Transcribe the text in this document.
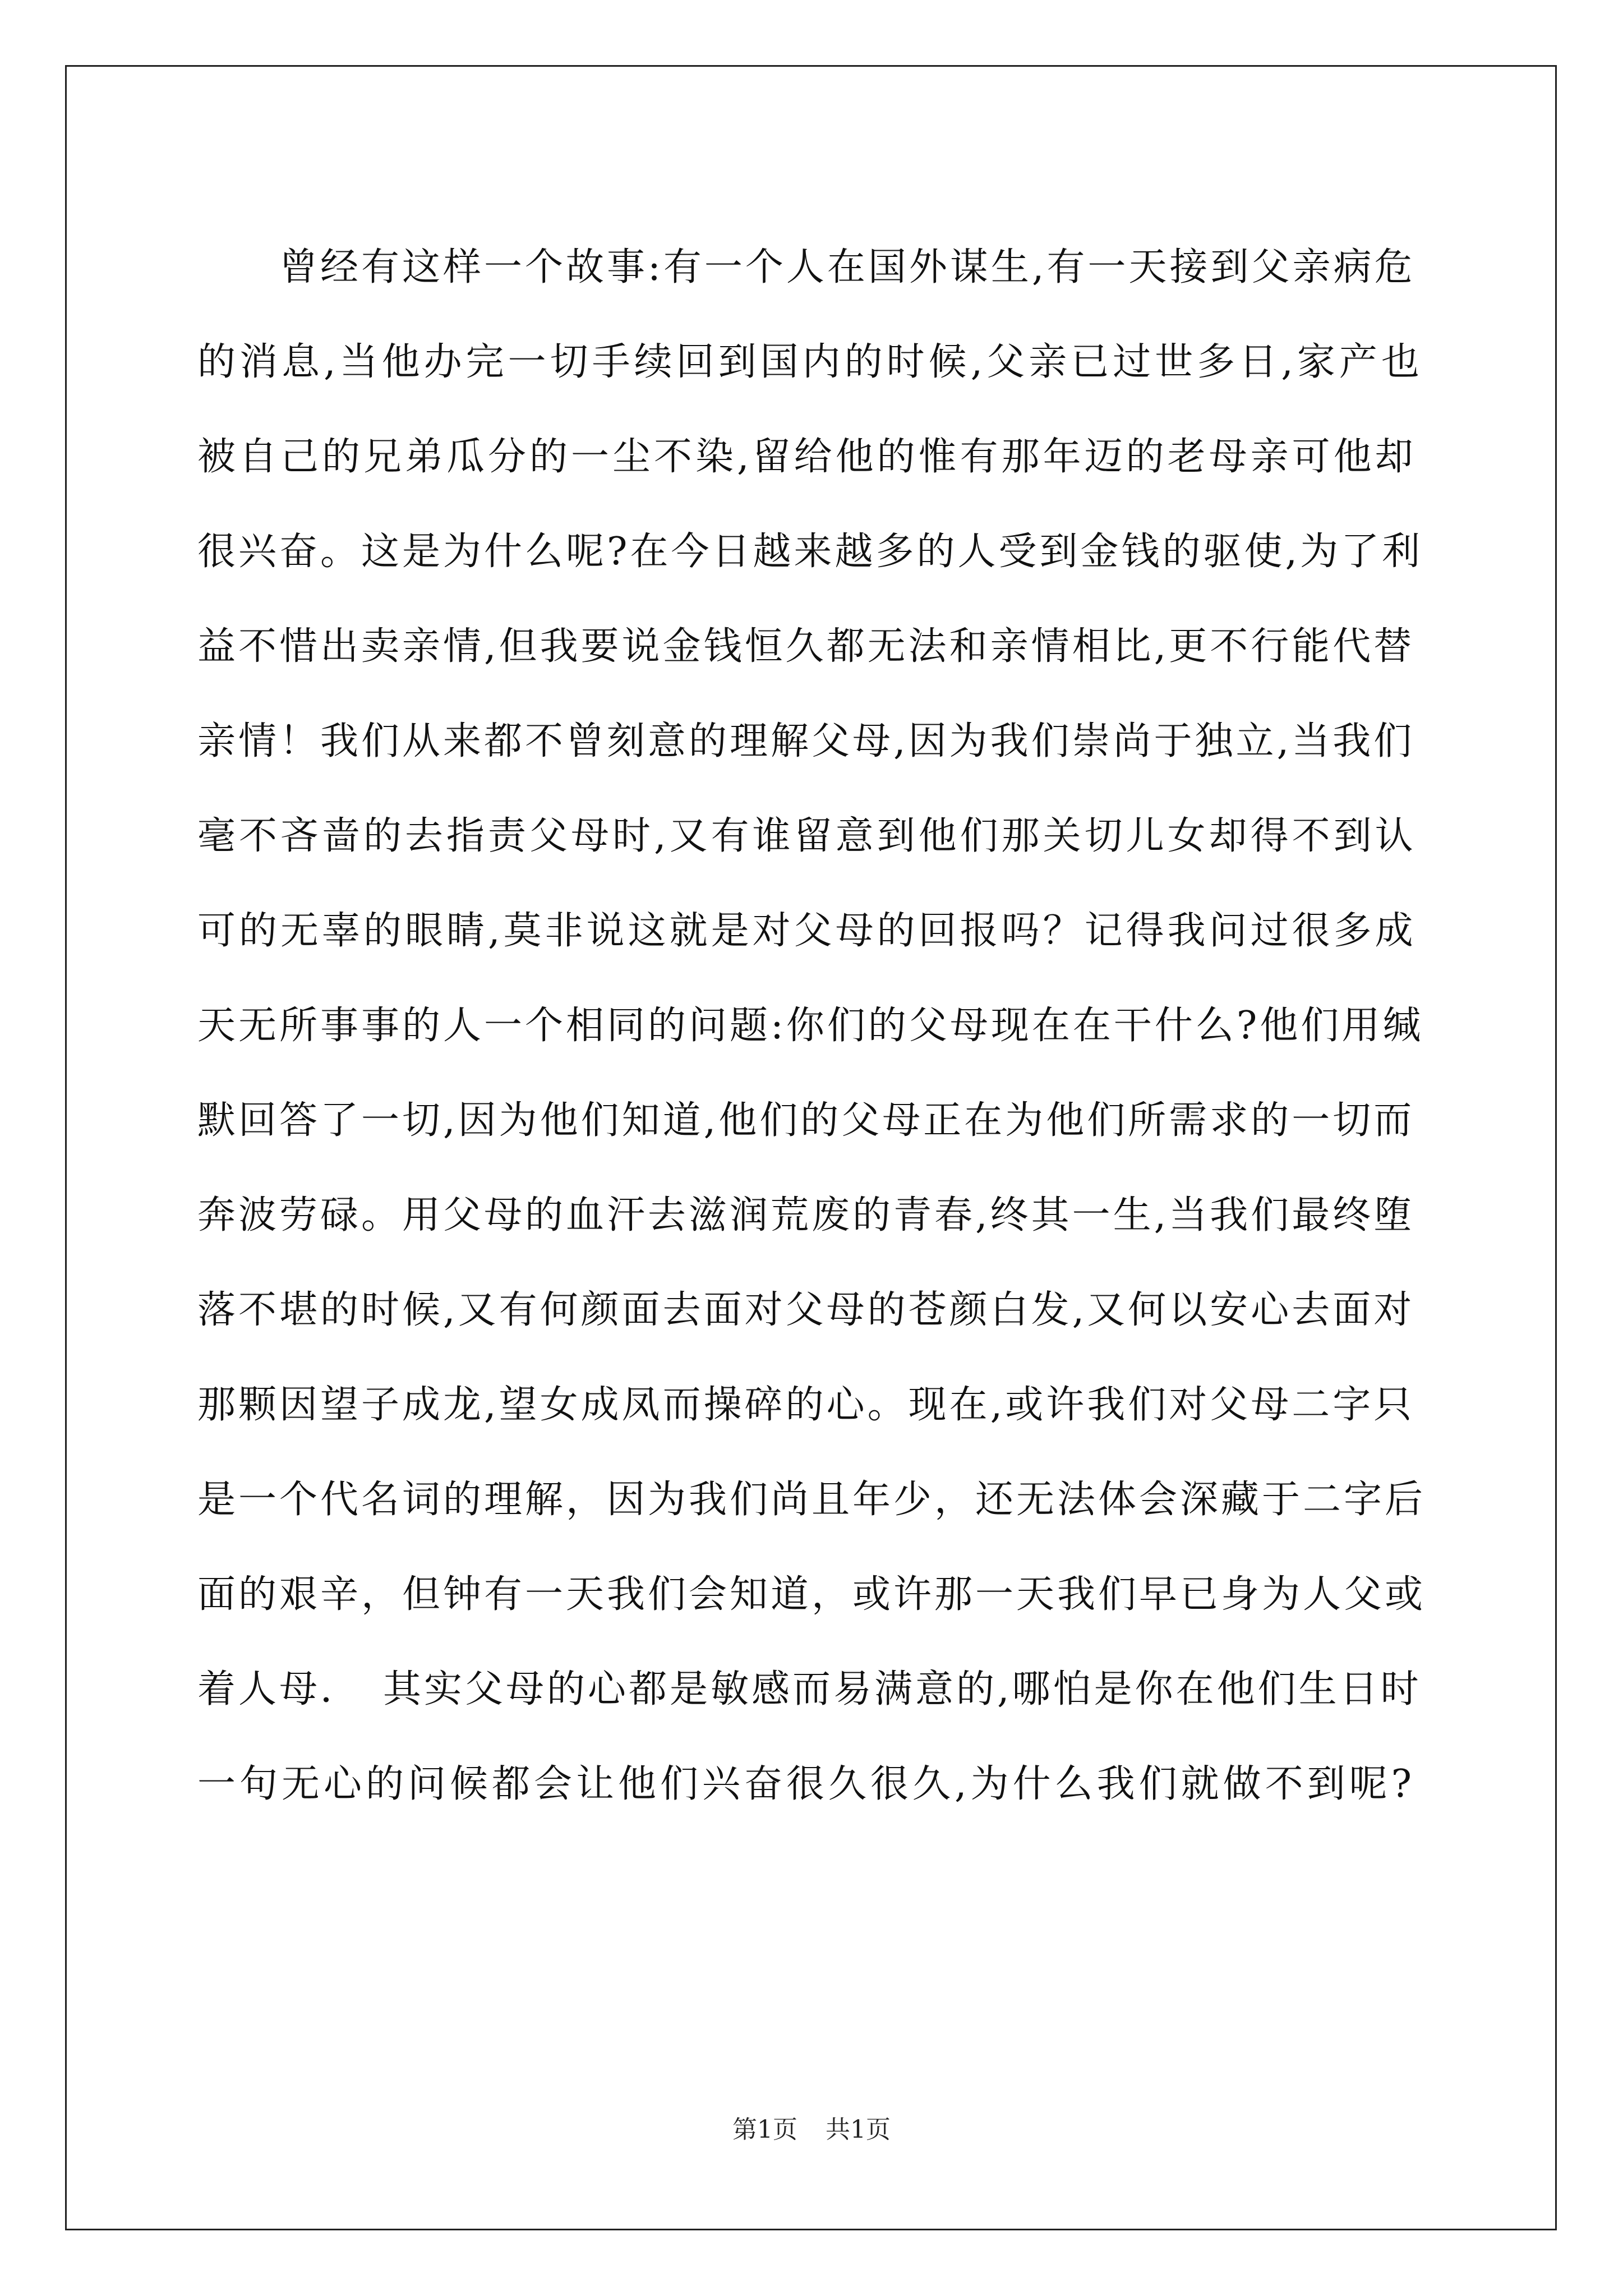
　　曾经有这样一个故事:有一个人在国外谋生,有一天接到父亲病危
的消息,当他办完一切手续回到国内的时候,父亲已过世多日,家产也
被自己的兄弟瓜分的一尘不染,留给他的惟有那年迈的老母亲可他却
很兴奋。这是为什么呢?在今日越来越多的人受到金钱的驱使,为了利
益不惜出卖亲情,但我要说金钱恒久都无法和亲情相比,更不行能代替
亲情！我们从来都不曾刻意的理解父母,因为我们崇尚于独立,当我们
毫不吝啬的去指责父母时,又有谁留意到他们那关切儿女却得不到认
可的无辜的眼睛,莫非说这就是对父母的回报吗？记得我问过很多成
天无所事事的人一个相同的问题:你们的父母现在在干什么?他们用缄
默回答了一切,因为他们知道,他们的父母正在为他们所需求的一切而
奔波劳碌。用父母的血汗去滋润荒废的青春,终其一生,当我们最终堕
落不堪的时候,又有何颜面去面对父母的苍颜白发,又何以安心去面对
那颗因望子成龙,望女成凤而操碎的心。现在,或许我们对父母二字只
是一个代名词的理解，因为我们尚且年少，还无法体会深藏于二字后
面的艰辛，但钟有一天我们会知道，或许那一天我们早已身为人父或
着人母．　其实父母的心都是敏感而易满意的,哪怕是你在他们生日时
一句无心的问候都会让他们兴奋很久很久,为什么我们就做不到呢?
第1页 共1页
